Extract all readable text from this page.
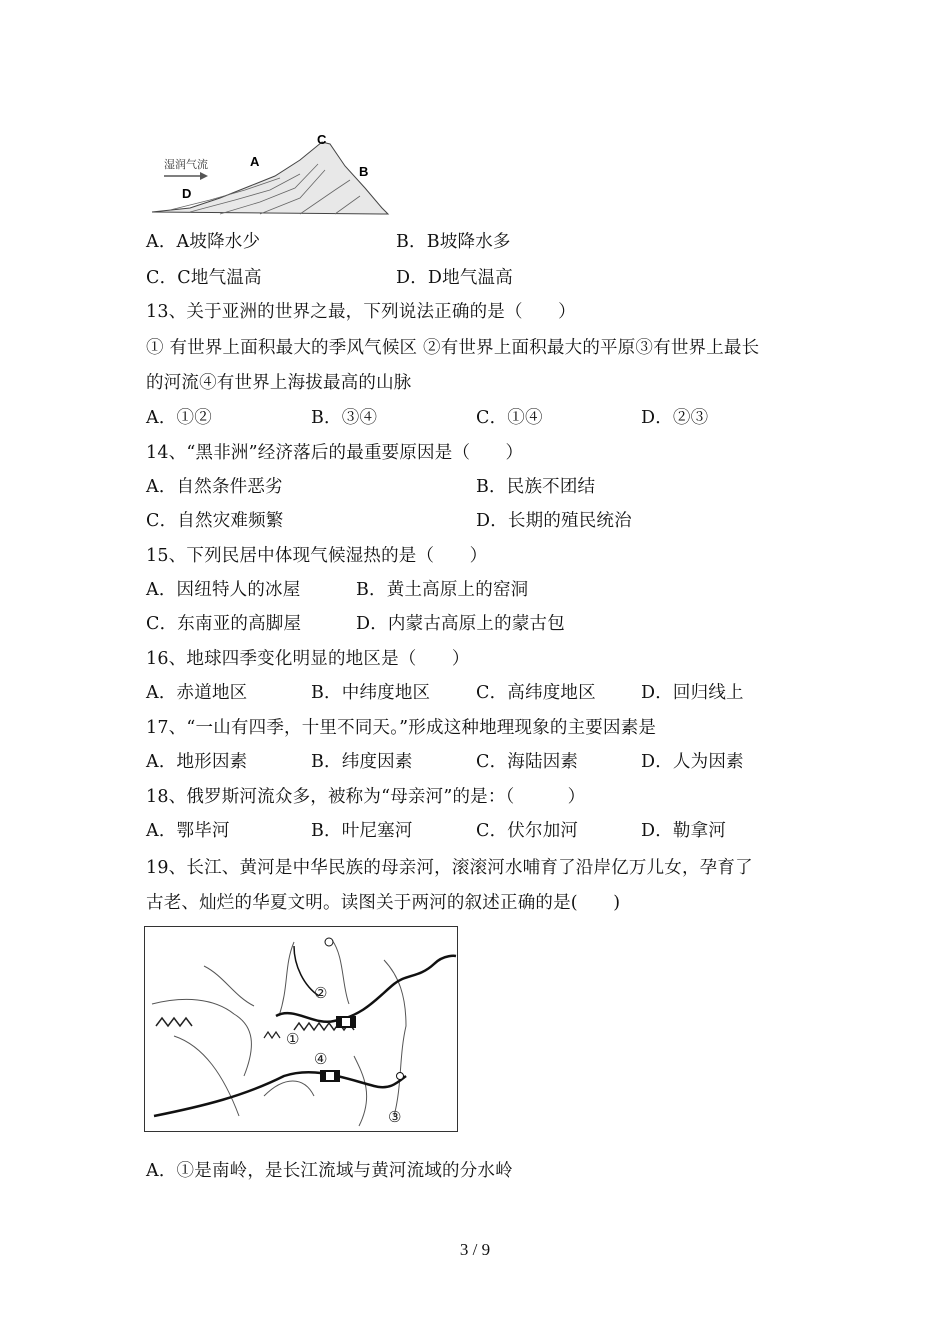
湿润气流	A
B
C
D
A．A坡降水少	B．B坡降水多
C．C地气温高	D．D地气温高
13、关于亚洲的世界之最，下列说法正确的是（　　）
① 有世界上面积最大的季风气候区 ②有世界上面积最大的平原③有世界上最长
的河流④有世界上海拔最高的山脉
A．①②	B．③④	C．①④	D．②③
14、“黑非洲”经济落后的最重要原因是（　　）
A．自然条件恶劣	B．民族不团结
C．自然灾难频繁	D．长期的殖民统治
15、下列民居中体现气候湿热的是（　　）
A．因纽特人的冰屋	B．黄土高原上的窑洞
C．东南亚的高脚屋	D．内蒙古高原上的蒙古包
16、地球四季变化明显的地区是（　　）
A．赤道地区	B．中纬度地区	C．高纬度地区	D．回归线上
17、“一山有四季，十里不同天。”形成这种地理现象的主要因素是
A．地形因素	B．纬度因素	C．海陆因素	D．人为因素
18、俄罗斯河流众多，被称为“母亲河”的是：（　　　）
A．鄂毕河	B．叶尼塞河	C．伏尔加河	D．勒拿河
19、长江、黄河是中华民族的母亲河，滚滚河水哺育了沿岸亿万儿女，孕育了
古老、灿烂的华夏文明。读图关于两河的叙述正确的是(　　)
①
②
③
④
A．①是南岭，是长江流域与黄河流域的分水岭
3 / 9
